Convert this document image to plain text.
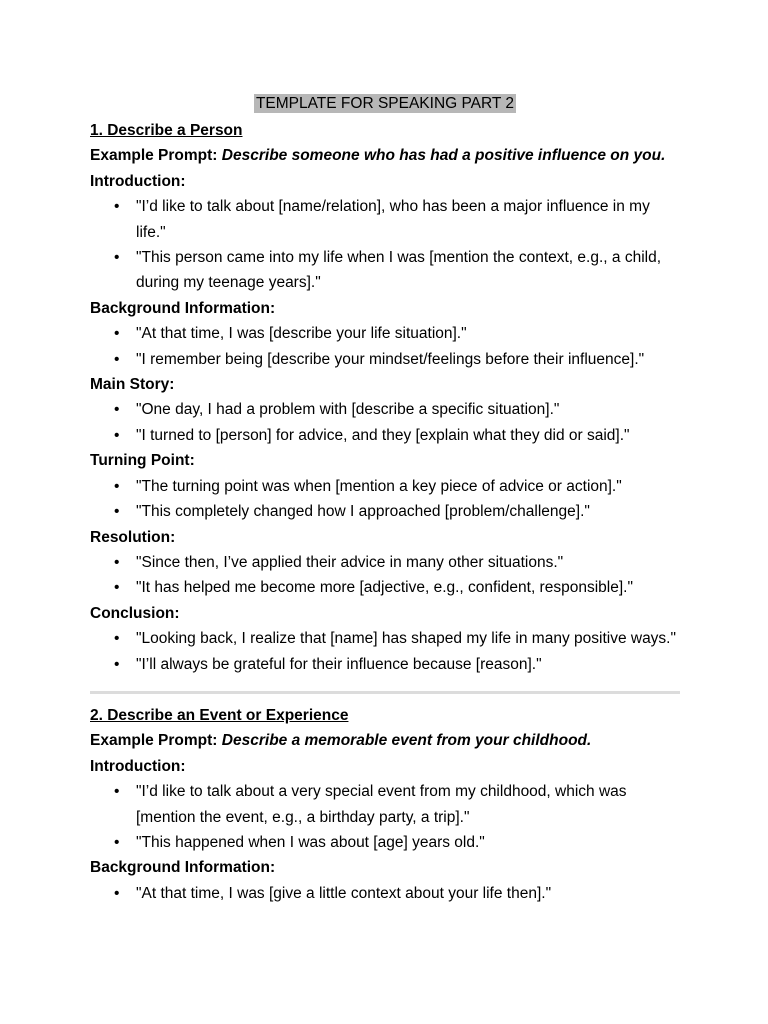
TEMPLATE FOR SPEAKING PART 2

1. Describe a Person

Example Prompt: Describe someone who has had a positive influence on you.

Introduction:

• "I’d like to talk about [name/relation], who has been a major influence in my life."
• "This person came into my life when I was [mention the context, e.g., a child, during my teenage years]."

Background Information:

• "At that time, I was [describe your life situation]."
• "I remember being [describe your mindset/feelings before their influence]."

Main Story:

• "One day, I had a problem with [describe a specific situation]."
• "I turned to [person] for advice, and they [explain what they did or said]."

Turning Point:

• "The turning point was when [mention a key piece of advice or action]."
• "This completely changed how I approached [problem/challenge]."

Resolution:

• "Since then, I’ve applied their advice in many other situations."
• "It has helped me become more [adjective, e.g., confident, responsible]."

Conclusion:

• "Looking back, I realize that [name] has shaped my life in many positive ways."
• "I’ll always be grateful for their influence because [reason]."

2. Describe an Event or Experience

Example Prompt: Describe a memorable event from your childhood.

Introduction:

• "I’d like to talk about a very special event from my childhood, which was [mention the event, e.g., a birthday party, a trip]."
• "This happened when I was about [age] years old."

Background Information:

• "At that time, I was [give a little context about your life then]."
